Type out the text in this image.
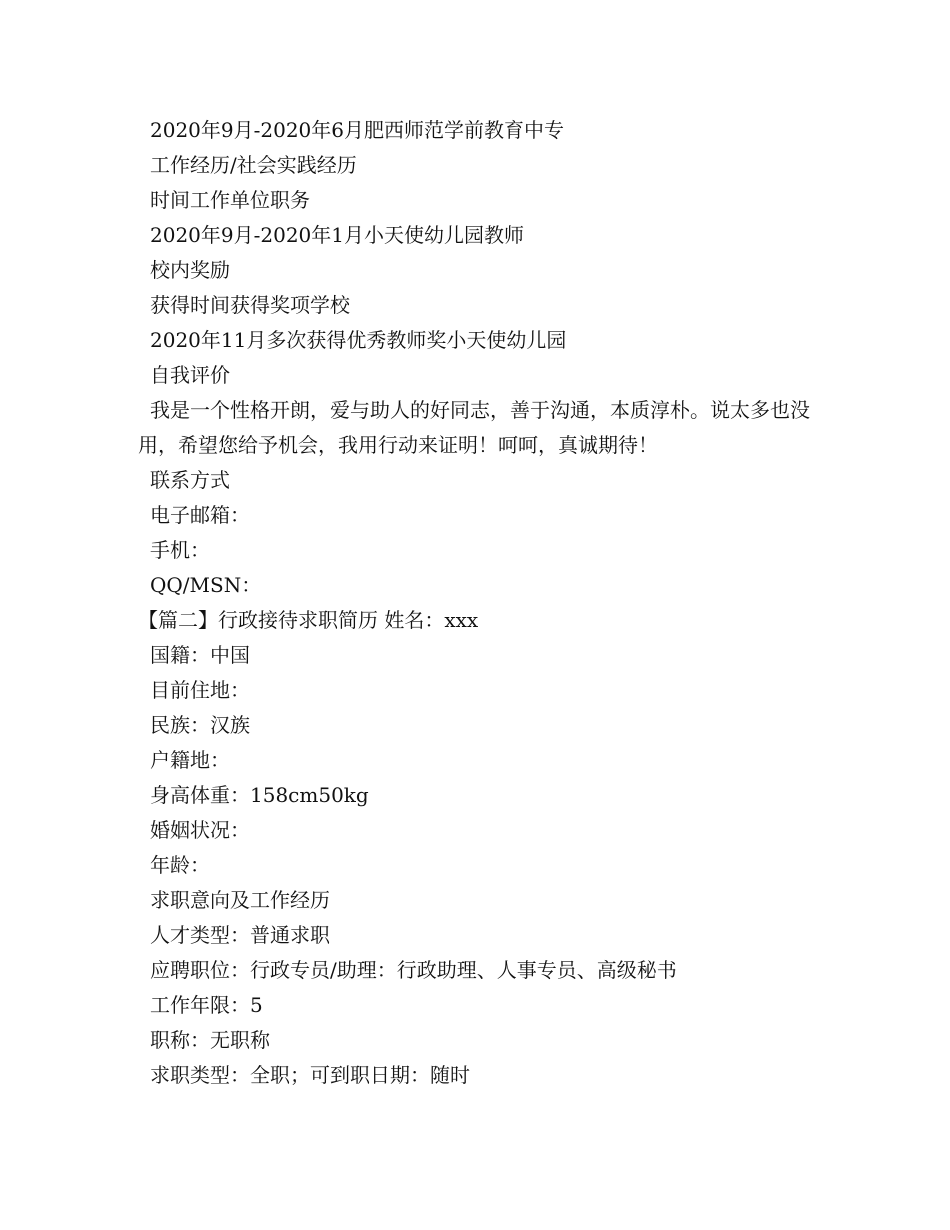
2020年9月-2020年6月肥西师范学前教育中专
工作经历/社会实践经历
时间工作单位职务
2020年9月-2020年1月小天使幼儿园教师
校内奖励
获得时间获得奖项学校
2020年11月多次获得优秀教师奖小天使幼儿园
自我评价
我是一个性格开朗，爱与助人的好同志，善于沟通，本质淳朴。说太多也没用，希望您给予机会，我用行动来证明！呵呵，真诚期待！
联系方式
电子邮箱：
手机：
QQ/MSN：
【篇二】行政接待求职简历 姓名：xxx
国籍：中国
目前住地：
民族：汉族
户籍地：
身高体重：158cm50kg
婚姻状况：
年龄：
求职意向及工作经历
人才类型：普通求职
应聘职位：行政专员/助理：行政助理、人事专员、高级秘书
工作年限：5
职称：无职称
求职类型：全职；可到职日期：随时
